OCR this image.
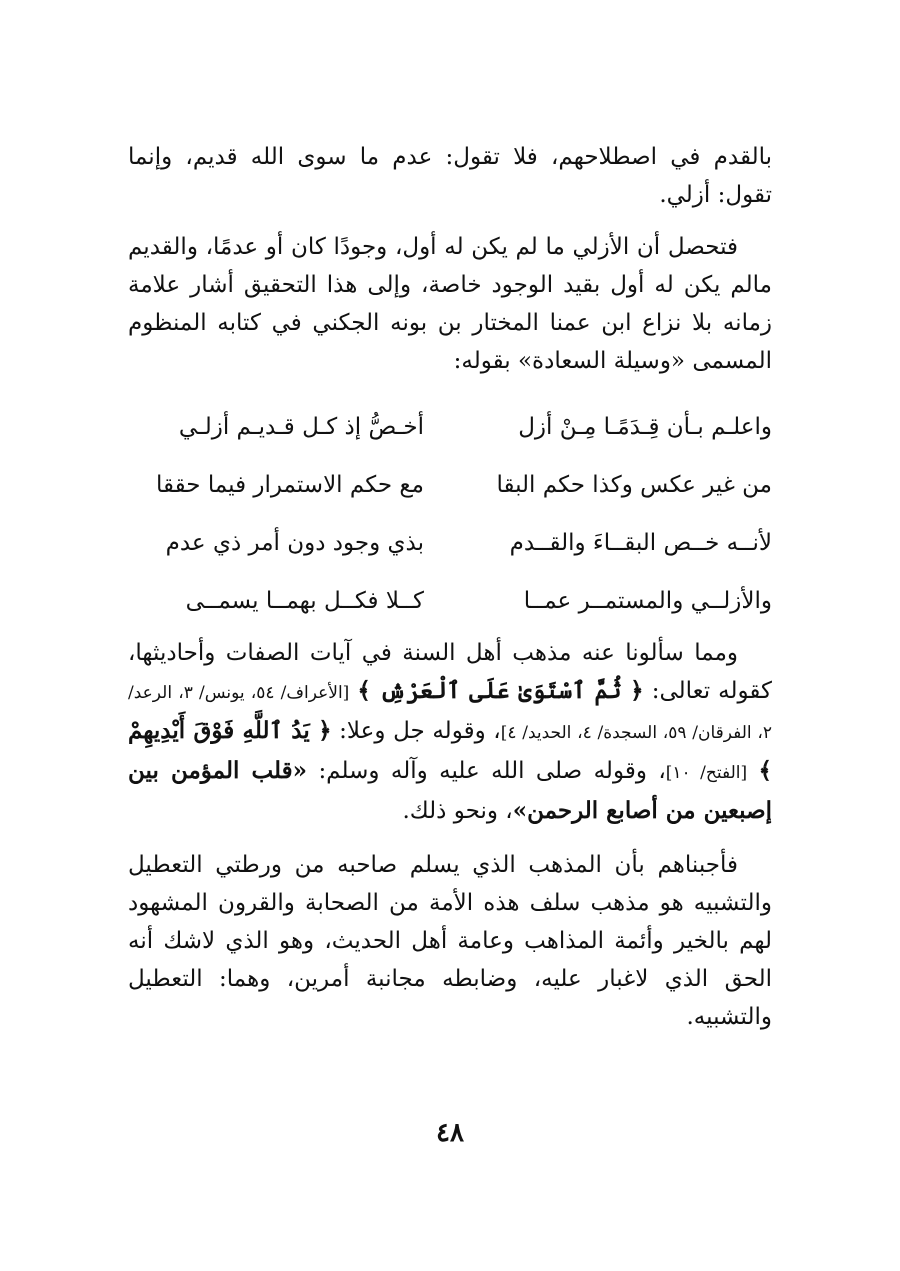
بالقدم في اصطلاحهم، فلا تقول: عدم ما سوى الله قديم، وإنما تقول: أزلي.

فتحصل أن الأزلي ما لم يكن له أول، وجودًا كان أو عدمًا، والقديم مالم يكن له أول بقيد الوجود خاصة، وإلى هذا التحقيق أشار علامة زمانه بلا نزاع ابن عمنا المختار بن بونه الجكني في كتابه المنظوم المسمى «وسيلة السعادة» بقوله:

واعلـم بـأن قِـدَمًـا مِـنْ أزل
أخـصُّ إذ كـل قـديـم أزلـي
من غير عكس وكذا حكم البقا
مع حكم الاستمرار فيما حققا
لأنــه خــص البقــاءَ والقــدم
بذي وجود دون أمر ذي عدم
والأزلــي والمستمــر عمــا
كــلا فكــل بهمــا يسمــى

ومما سألونا عنه مذهب أهل السنة في آيات الصفات وأحاديثها، كقوله تعالى: ﴿ ثُمَّ ٱسْتَوَىٰ عَلَى ٱلْعَرْشِ ﴾ [الأعراف/ ٥٤، يونس/ ٣، الرعد/ ٢، الفرقان/ ٥٩، السجدة/ ٤، الحديد/ ٤]، وقوله جل وعلا: ﴿ يَدُ ٱللَّهِ فَوْقَ أَيْدِيهِمْ ﴾ [الفتح/ ١٠]، وقوله صلى الله عليه وآله وسلم: «قلب المؤمن بين إصبعين من أصابع الرحمن»، ونحو ذلك.

فأجبناهم بأن المذهب الذي يسلم صاحبه من ورطتي التعطيل والتشبيه هو مذهب سلف هذه الأمة من الصحابة والقرون المشهود لهم بالخير وأئمة المذاهب وعامة أهل الحديث، وهو الذي لاشك أنه الحق الذي لاغبار عليه، وضابطه مجانبة أمرين، وهما: التعطيل والتشبيه.

٤٨
